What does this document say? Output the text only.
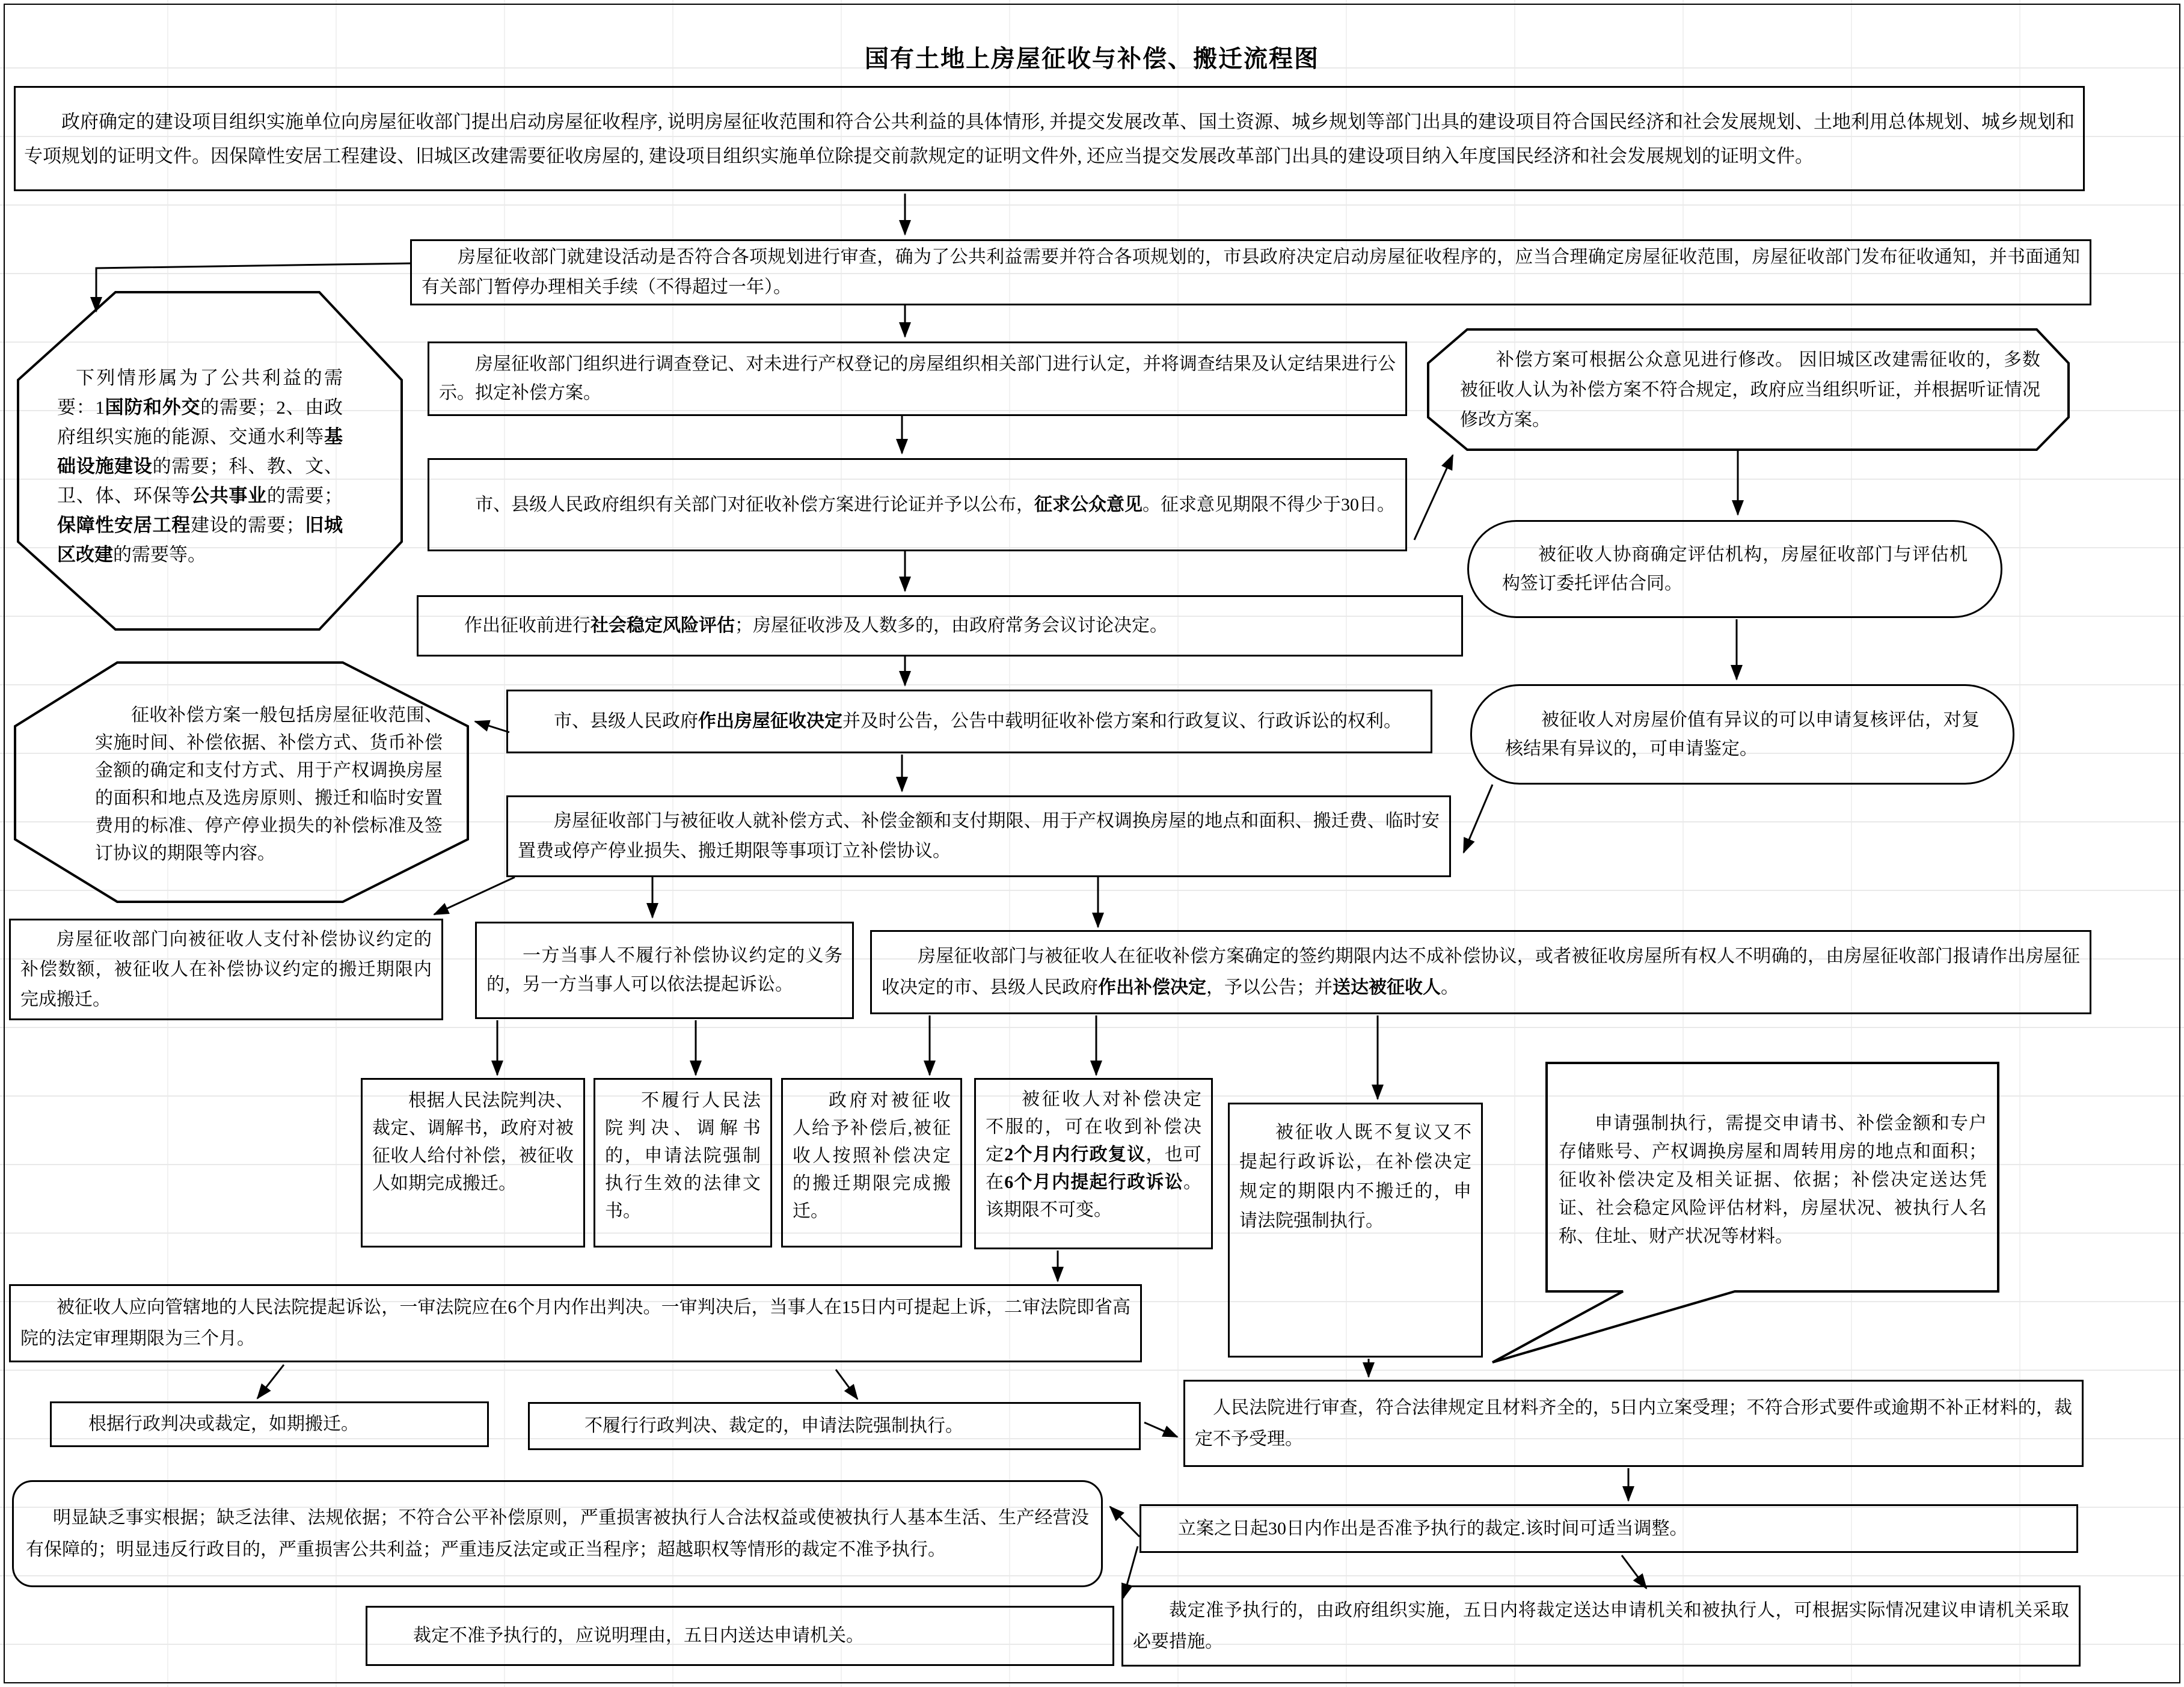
国有土地上房屋征收与补偿、搬迁流程图
政府确定的建设项目组织实施单位向房屋征收部门提出启动房屋征收程序, 说明房屋征收范围和符合公共利益的具体情形, 并提交发展改革、国土资源、城乡规划等部门出具的建设项目符合国民经济和社会发展规划、土地利用总体规划、城乡规划和专项规划的证明文件。因保障性安居工程建设、旧城区改建需要征收房屋的, 建设项目组织实施单位除提交前款规定的证明文件外, 还应当提交发展改革部门出具的建设项目纳入年度国民经济和社会发展规划的证明文件。
房屋征收部门就建设活动是否符合各项规划进行审查，确为了公共利益需要并符合各项规划的，市县政府决定启动房屋征收程序的，应当合理确定房屋征收范围，房屋征收部门发布征收通知，并书面通知有关部门暂停办理相关手续（不得超过一年）。
房屋征收部门组织进行调查登记、对未进行产权登记的房屋组织相关部门进行认定，并将调查结果及认定结果进行公示。拟定补偿方案。
市、县级人民政府组织有关部门对征收补偿方案进行论证并予以公布，征求公众意见。征求意见期限不得少于30日。
作出征收前进行社会稳定风险评估；房屋征收涉及人数多的，由政府常务会议讨论决定。
市、县级人民政府作出房屋征收决定并及时公告，公告中载明征收补偿方案和行政复议、行政诉讼的权利。
房屋征收部门与被征收人就补偿方式、补偿金额和支付期限、用于产权调换房屋的地点和面积、搬迁费、临时安置费或停产停业损失、搬迁期限等事项订立补偿协议。
房屋征收部门向被征收人支付补偿协议约定的补偿数额，被征收人在补偿协议约定的搬迁期限内完成搬迁。
一方当事人不履行补偿协议约定的义务的，另一方当事人可以依法提起诉讼。
房屋征收部门与被征收人在征收补偿方案确定的签约期限内达不成补偿协议，或者被征收房屋所有权人不明确的，由房屋征收部门报请作出房屋征收决定的市、县级人民政府作出补偿决定，予以公告；并送达被征收人。
根据人民法院判决、裁定、调解书，政府对被征收人给付补偿，被征收人如期完成搬迁。
不履行人民法院判决、调解书的，申请法院强制执行生效的法律文书。
政府对被征收人给予补偿后,被征收人按照补偿决定的搬迁期限完成搬迁。
被征收人对补偿决定不服的，可在收到补偿决定2个月内行政复议，也可在6个月内提起行政诉讼。该期限不可变。
被征收人既不复议又不提起行政诉讼，在补偿决定规定的期限内不搬迁的，申请法院强制执行。
被征收人应向管辖地的人民法院提起诉讼，一审法院应在6个月内作出判决。一审判决后，当事人在15日内可提起上诉，二审法院即省高院的法定审理期限为三个月。
根据行政判决或裁定，如期搬迁。	不履行行政判决、裁定的，申请法院强制执行。
人民法院进行审查，符合法律规定且材料齐全的，5日内立案受理；不符合形式要件或逾期不补正材料的，裁定不予受理。
明显缺乏事实根据；缺乏法律、法规依据；不符合公平补偿原则，严重损害被执行人合法权益或使被执行人基本生活、生产经营没有保障的；明显违反行政目的，严重损害公共利益；严重违反法定或正当程序；超越职权等情形的裁定不准予执行。
立案之日起30日内作出是否准予执行的裁定.该时间可适当调整。
裁定不准予执行的，应说明理由，五日内送达申请机关。
裁定准予执行的，由政府组织实施，五日内将裁定送达申请机关和被执行人，可根据实际情况建议申请机关采取必要措施。
被征收人协商确定评估机构，房屋征收部门与评估机构签订委托评估合同。
被征收人对房屋价值有异议的可以申请复核评估，对复核结果有异议的，可申请鉴定。
下列情形属为了公共利益的需要：1国防和外交的需要；2、由政府组织实施的能源、交通水利等基础设施建设的需要；科、教、文、卫、体、环保等公共事业的需要；保障性安居工程建设的需要；旧城区改建的需要等。
补偿方案可根据公众意见进行修改。 因旧城区改建需征收的，多数被征收人认为补偿方案不符合规定，政府应当组织听证，并根据听证情况修改方案。
征收补偿方案一般包括房屋征收范围、实施时间、补偿依据、补偿方式、货币补偿金额的确定和支付方式、用于产权调换房屋的面积和地点及选房原则、搬迁和临时安置费用的标准、停产停业损失的补偿标准及签订协议的期限等内容。
申请强制执行，需提交申请书、补偿金额和专户存储账号、产权调换房屋和周转用房的地点和面积；征收补偿决定及相关证据、依据；补偿决定送达凭证、社会稳定风险评估材料，房屋状况、被执行人名称、住址、财产状况等材料。
